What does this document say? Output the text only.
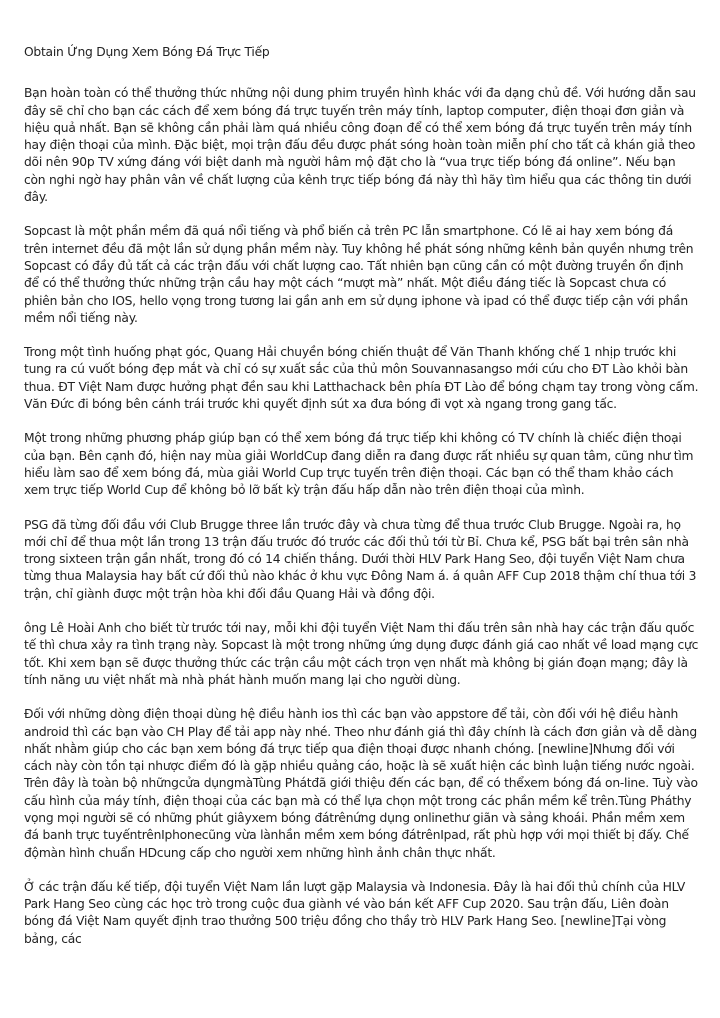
Obtain Ứng Dụng Xem Bóng Đá Trực Tiếp

Bạn hoàn toàn có thể thưởng thức những nội dung phim truyền hình khác với đa dạng chủ đề. Với hướng dẫn sau đây sẽ chỉ cho bạn các cách để xem bóng đá trực tuyến trên máy tính, laptop computer, điện thoại đơn giản và hiệu quả nhất. Bạn sẽ không cần phải làm quá nhiều công đoạn để có thể xem bóng đá trực tuyến trên máy tính hay điện thoại của mình. Đặc biệt, mọi trận đấu đều được phát sóng hoàn toàn miễn phí cho tất cả khán giả theo dõi nên 90p TV xứng đáng với biệt danh mà người hâm mộ đặt cho là “vua trực tiếp bóng đá online”. Nếu bạn còn nghi ngờ hay phân vân về chất lượng của kênh trực tiếp bóng đá này thì hãy tìm hiểu qua các thông tin dưới đây.

Sopcast là một phần mềm đã quá nổi tiếng và phổ biến cả trên PC lẫn smartphone. Có lẽ ai hay xem bóng đá trên internet đều đã một lần sử dụng phần mềm này. Tuy không hề phát sóng những kênh bản quyền nhưng trên Sopcast có đầy đủ tất cả các trận đấu với chất lượng cao. Tất nhiên bạn cũng cần có một đường truyền ổn định để có thể thưởng thức những trận cầu hay một cách “mượt mà” nhất. Một điều đáng tiếc là Sopcast chưa có phiên bản cho IOS, hello vọng trong tương lai gần anh em sử dụng iphone và ipad có thể được tiếp cận với phần mềm nổi tiếng này.

Trong một tình huống phạt góc, Quang Hải chuyền bóng chiến thuật để Văn Thanh khống chế 1 nhịp trước khi tung ra cú vuốt bóng đẹp mắt và chỉ có sự xuất sắc của thủ môn Souvannasangso mới cứu cho ĐT Lào khỏi bàn thua. ĐT Việt Nam được hưởng phạt đền sau khi Latthachack bên phía ĐT Lào để bóng chạm tay trong vòng cấm. Văn Đức đi bóng bên cánh trái trước khi quyết định sút xa đưa bóng đi vọt xà ngang trong gang tấc.

Một trong những phương pháp giúp bạn có thể xem bóng đá trực tiếp khi không có TV chính là chiếc điện thoại của bạn. Bên cạnh đó, hiện nay mùa giải WorldCup đang diễn ra đang được rất nhiều sự quan tâm, cũng như tìm hiểu làm sao để xem bóng đá, mùa giải World Cup trực tuyến trên điện thoại. Các bạn có thể tham khảo cách xem trực tiếp World Cup để không bỏ lỡ bất kỳ trận đấu hấp dẫn nào trên điện thoại của mình.

PSG đã từng đối đầu với Club Brugge three lần trước đây và chưa từng để thua trước Club Brugge. Ngoài ra, họ mới chỉ để thua một lần trong 13 trận đấu trước đó trước các đối thủ tới từ Bỉ. Chưa kể, PSG bất bại trên sân nhà trong sixteen trận gần nhất, trong đó có 14 chiến thắng. Dưới thời HLV Park Hang Seo, đội tuyển Việt Nam chưa từng thua Malaysia hay bất cứ đối thủ nào khác ở khu vực Đông Nam á. á quân AFF Cup 2018 thậm chí thua tới 3 trận, chỉ giành được một trận hòa khi đối đầu Quang Hải và đồng đội.

ông Lê Hoài Anh cho biết từ trước tới nay, mỗi khi đội tuyển Việt Nam thi đấu trên sân nhà hay các trận đấu quốc tế thì chưa xảy ra tình trạng này. Sopcast là một trong những ứng dụng được đánh giá cao nhất về load mạng cực tốt. Khi xem bạn sẽ được thưởng thức các trận cầu một cách trọn vẹn nhất mà không bị gián đoạn mạng; đây là tính năng ưu việt nhất mà nhà phát hành muốn mang lại cho người dùng.

Đối với những dòng điện thoại dùng hệ điều hành ios thì các bạn vào appstore để tải, còn đối với hệ điều hành android thì các bạn vào CH Play để tải app này nhé. Theo như đánh giá thì đây chính là cách đơn giản và dễ dàng nhất nhằm giúp cho các bạn xem bóng đá trực tiếp qua điện thoại được nhanh chóng. [newline]Nhưng đối với cách này còn tồn tại nhược điểm đó là gặp nhiều quảng cáo, hoặc là sẽ xuất hiện các bình luận tiếng nước ngoài. Trên đây là toàn bộ nhữngcửa dụngmàTùng Phátđã giới thiệu đến các bạn, để có thểxem bóng đá on-line. Tuỳ vào cấu hình của máy tính, điện thoại của các bạn mà có thể lựa chọn một trong các phần mềm kể trên.Tùng Pháthy vọng mọi người sẽ có những phút giâyxem bóng đátrênứng dụng onlinethư giãn và sảng khoái. Phần mềm xem đá banh trực tuyếntrênIphonecũng vừa lànhần mềm xem bóng đátrênIpad, rất phù hợp với mọi thiết bị đấy. Chế độmàn hình chuẩn HDcung cấp cho người xem những hình ảnh chân thực nhất.

Ở các trận đấu kế tiếp, đội tuyển Việt Nam lần lượt gặp Malaysia và Indonesia. Đây là hai đối thủ chính của HLV Park Hang Seo cùng các học trò trong cuộc đua giành vé vào bán kết AFF Cup 2020. Sau trận đấu, Liên đoàn bóng đá Việt Nam quyết định trao thưởng 500 triệu đồng cho thầy trò HLV Park Hang Seo. [newline]Tại vòng bảng, các
